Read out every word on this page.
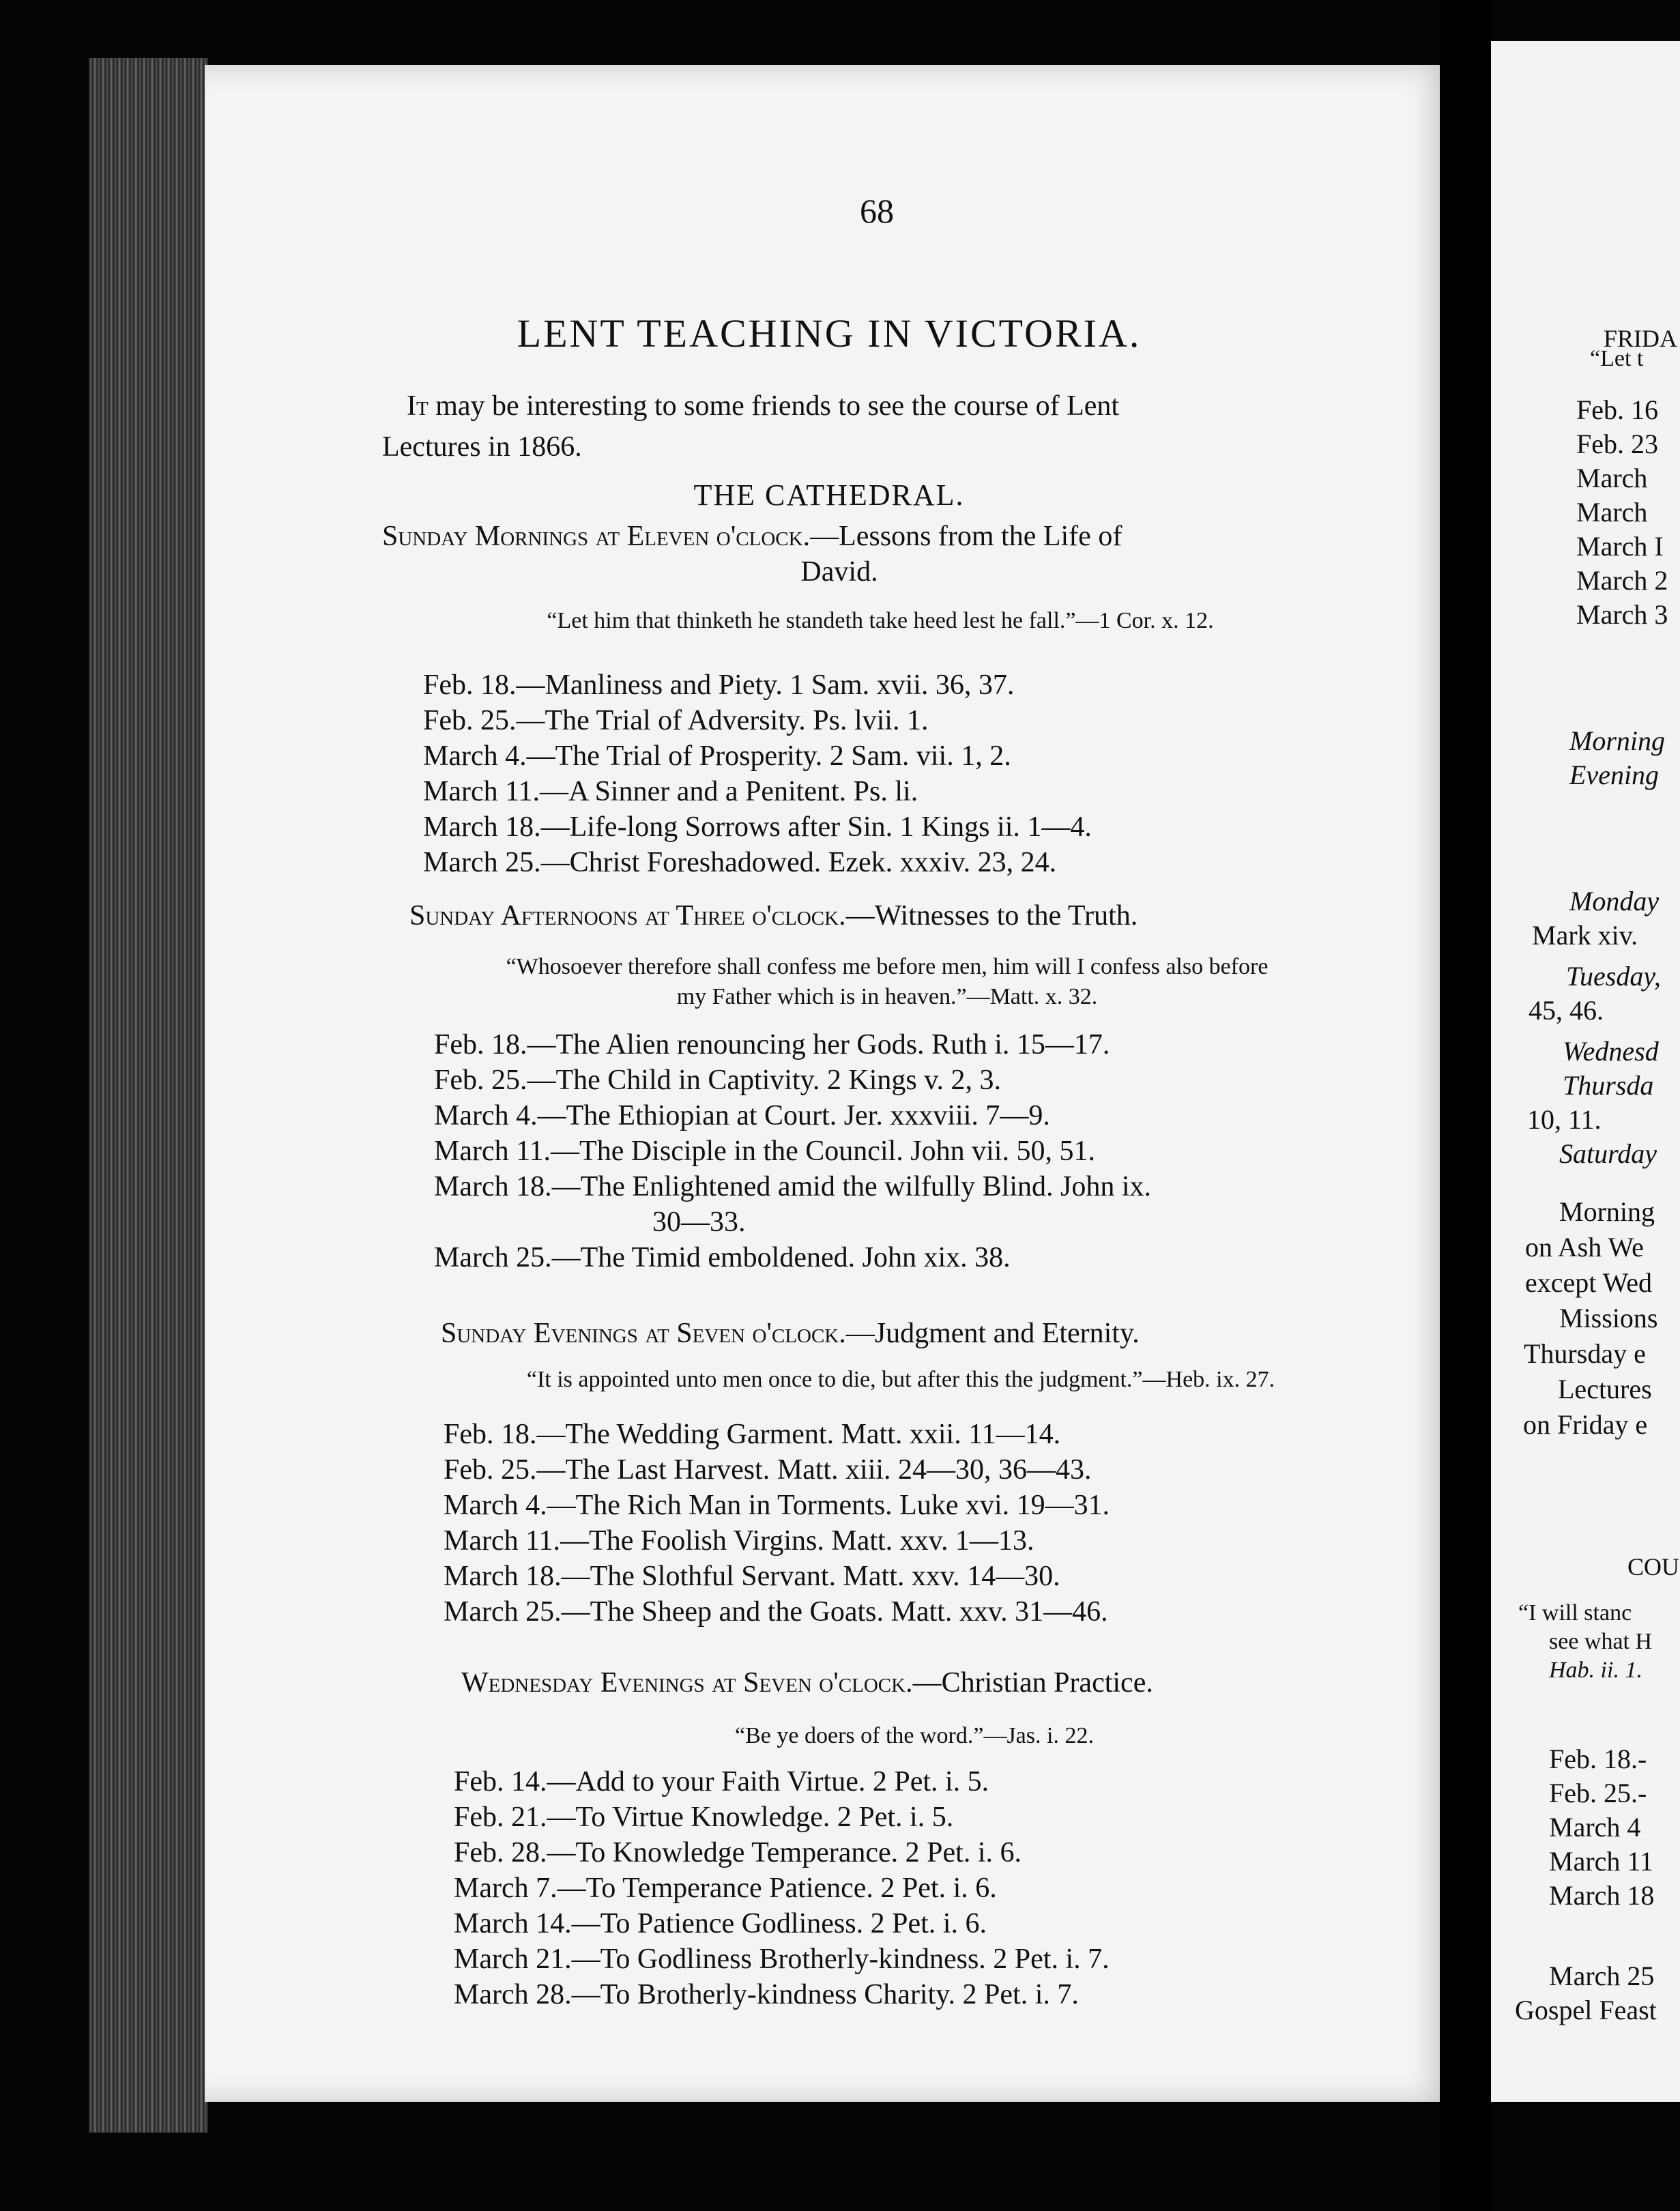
68
LENT TEACHING IN VICTORIA.
It may be interesting to some friends to see the course of Lent
Lectures in 1866.
THE CATHEDRAL.
Sunday Mornings at Eleven o'clock.—Lessons from the Life of
David.
“Let him that thinketh he standeth take heed lest he fall.”—1 Cor. x. 12.
Feb. 18.—Manliness and Piety. 1 Sam. xvii. 36, 37.
Feb. 25.—The Trial of Adversity. Ps. lvii. 1.
March 4.—The Trial of Prosperity. 2 Sam. vii. 1, 2.
March 11.—A Sinner and a Penitent. Ps. li.
March 18.—Life-long Sorrows after Sin. 1 Kings ii. 1—4.
March 25.—Christ Foreshadowed. Ezek. xxxiv. 23, 24.
Sunday Afternoons at Three o'clock.—Witnesses to the Truth.
“Whosoever therefore shall confess me before men, him will I confess also before
my Father which is in heaven.”—Matt. x. 32.
Feb. 18.—The Alien renouncing her Gods. Ruth i. 15—17.
Feb. 25.—The Child in Captivity. 2 Kings v. 2, 3.
March 4.—The Ethiopian at Court. Jer. xxxviii. 7—9.
March 11.—The Disciple in the Council. John vii. 50, 51.
March 18.—The Enlightened amid the wilfully Blind. John ix.
30—33.
March 25.—The Timid emboldened. John xix. 38.
Sunday Evenings at Seven o'clock.—Judgment and Eternity.
“It is appointed unto men once to die, but after this the judgment.”—Heb. ix. 27.
Feb. 18.—The Wedding Garment. Matt. xxii. 11—14.
Feb. 25.—The Last Harvest. Matt. xiii. 24—30, 36—43.
March 4.—The Rich Man in Torments. Luke xvi. 19—31.
March 11.—The Foolish Virgins. Matt. xxv. 1—13.
March 18.—The Slothful Servant. Matt. xxv. 14—30.
March 25.—The Sheep and the Goats. Matt. xxv. 31—46.
Wednesday Evenings at Seven o'clock.—Christian Practice.
“Be ye doers of the word.”—Jas. i. 22.
Feb. 14.—Add to your Faith Virtue. 2 Pet. i. 5.
Feb. 21.—To Virtue Knowledge. 2 Pet. i. 5.
Feb. 28.—To Knowledge Temperance. 2 Pet. i. 6.
March 7.—To Temperance Patience. 2 Pet. i. 6.
March 14.—To Patience Godliness. 2 Pet. i. 6.
March 21.—To Godliness Brotherly-kindness. 2 Pet. i. 7.
March 28.—To Brotherly-kindness Charity. 2 Pet. i. 7.
FRIDA
“Let t
Feb. 16
Feb. 23
March
March
March I
March 2
March 3
Morning
Evening
Monday
Mark xiv.
Tuesday,
45, 46.
Wednesd
Thursda
10, 11.
Saturday
Morning
on Ash We
except Wed
Missions
Thursday e
Lectures
on Friday e
COU
“I will stanc
see what H
Hab. ii. 1.
Feb. 18.-
Feb. 25.-
March 4
March 11
March 18
March 25
Gospel Feast
